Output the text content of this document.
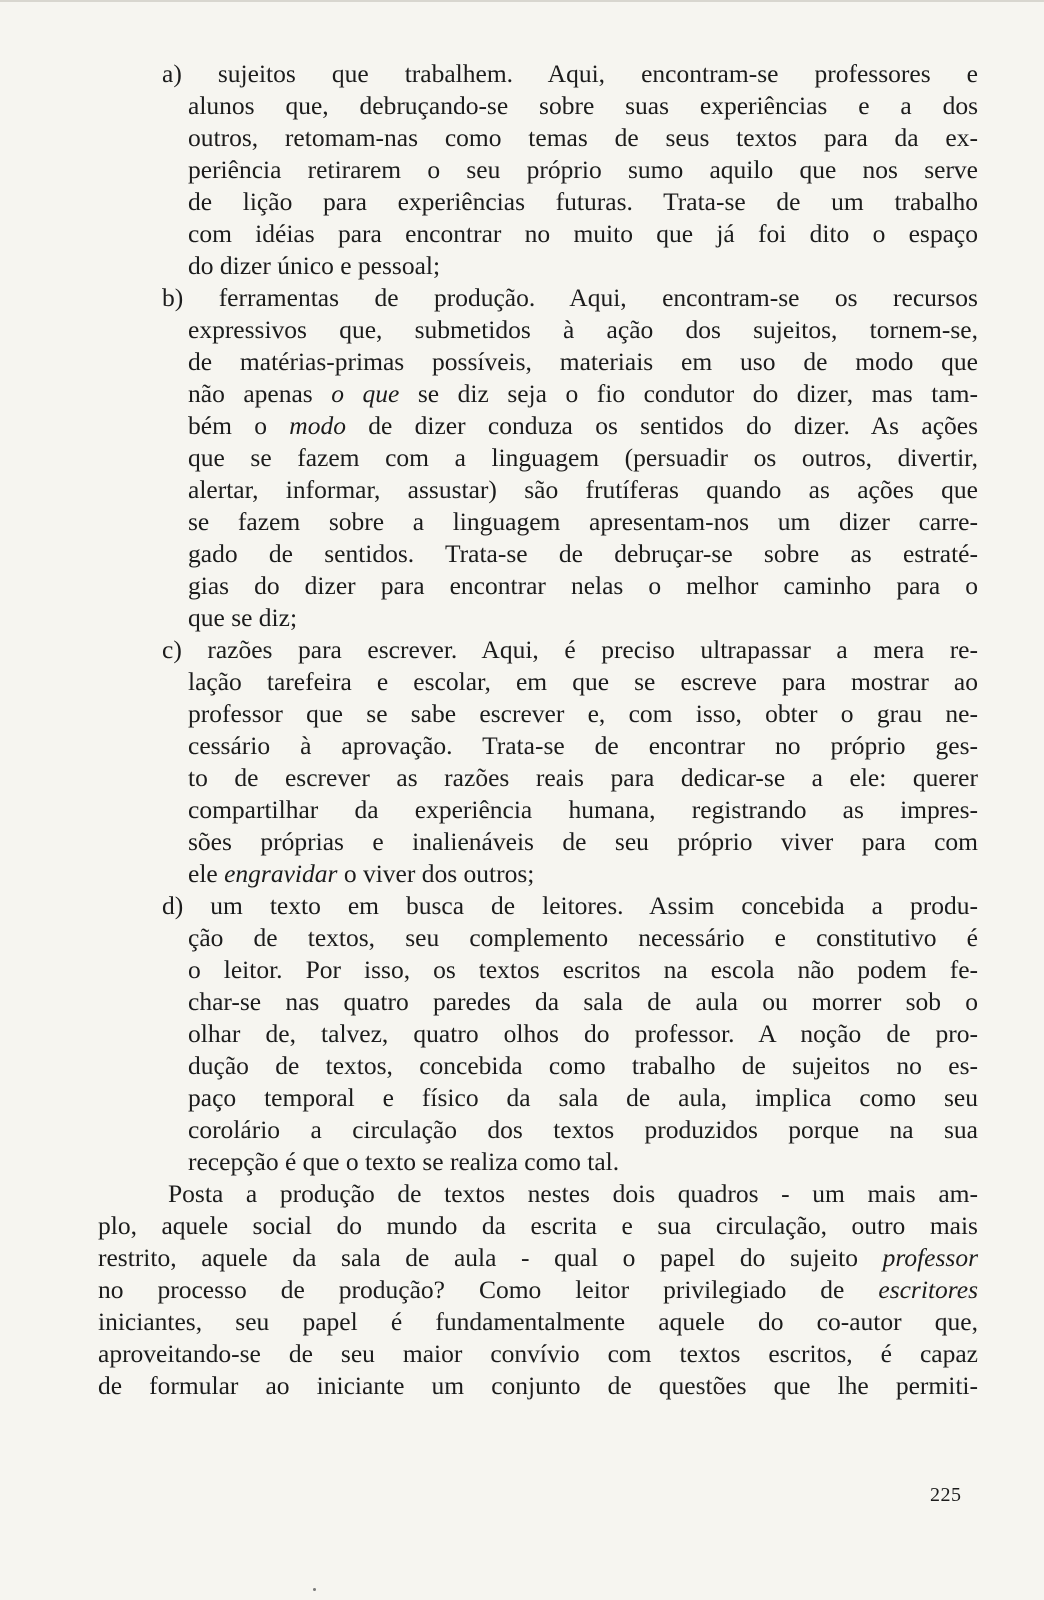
a) sujeitos que trabalhem. Aqui, encontram-se professores e
alunos que, debruçando-se sobre suas experiências e a dos
outros, retomam-nas como temas de seus textos para da ex-
periência retirarem o seu próprio sumo aquilo que nos serve
de lição para experiências futuras. Trata-se de um trabalho
com idéias para encontrar no muito que já foi dito o espaço
do dizer único e pessoal;
b) ferramentas de produção. Aqui, encontram-se os recursos
expressivos que, submetidos à ação dos sujeitos, tornem-se,
de matérias-primas possíveis, materiais em uso de modo que
não apenas o que se diz seja o fio condutor do dizer, mas tam-
bém o modo de dizer conduza os sentidos do dizer. As ações
que se fazem com a linguagem (persuadir os outros, divertir,
alertar, informar, assustar) são frutíferas quando as ações que
se fazem sobre a linguagem apresentam-nos um dizer carre-
gado de sentidos. Trata-se de debruçar-se sobre as estraté-
gias do dizer para encontrar nelas o melhor caminho para o
que se diz;
c) razões para escrever. Aqui, é preciso ultrapassar a mera re-
lação tarefeira e escolar, em que se escreve para mostrar ao
professor que se sabe escrever e, com isso, obter o grau ne-
cessário à aprovação. Trata-se de encontrar no próprio ges-
to de escrever as razões reais para dedicar-se a ele: querer
compartilhar da experiência humana, registrando as impres-
sões próprias e inalienáveis de seu próprio viver para com
ele engravidar o viver dos outros;
d) um texto em busca de leitores. Assim concebida a produ-
ção de textos, seu complemento necessário e constitutivo é
o leitor. Por isso, os textos escritos na escola não podem fe-
char-se nas quatro paredes da sala de aula ou morrer sob o
olhar de, talvez, quatro olhos do professor. A noção de pro-
dução de textos, concebida como trabalho de sujeitos no es-
paço temporal e físico da sala de aula, implica como seu
corolário a circulação dos textos produzidos porque na sua
recepção é que o texto se realiza como tal.
Posta a produção de textos nestes dois quadros - um mais am-
plo, aquele social do mundo da escrita e sua circulação, outro mais
restrito, aquele da sala de aula - qual o papel do sujeito professor
no processo de produção? Como leitor privilegiado de escritores
iniciantes, seu papel é fundamentalmente aquele do co-autor que,
aproveitando-se de seu maior convívio com textos escritos, é capaz
de formular ao iniciante um conjunto de questões que lhe permiti-
225
